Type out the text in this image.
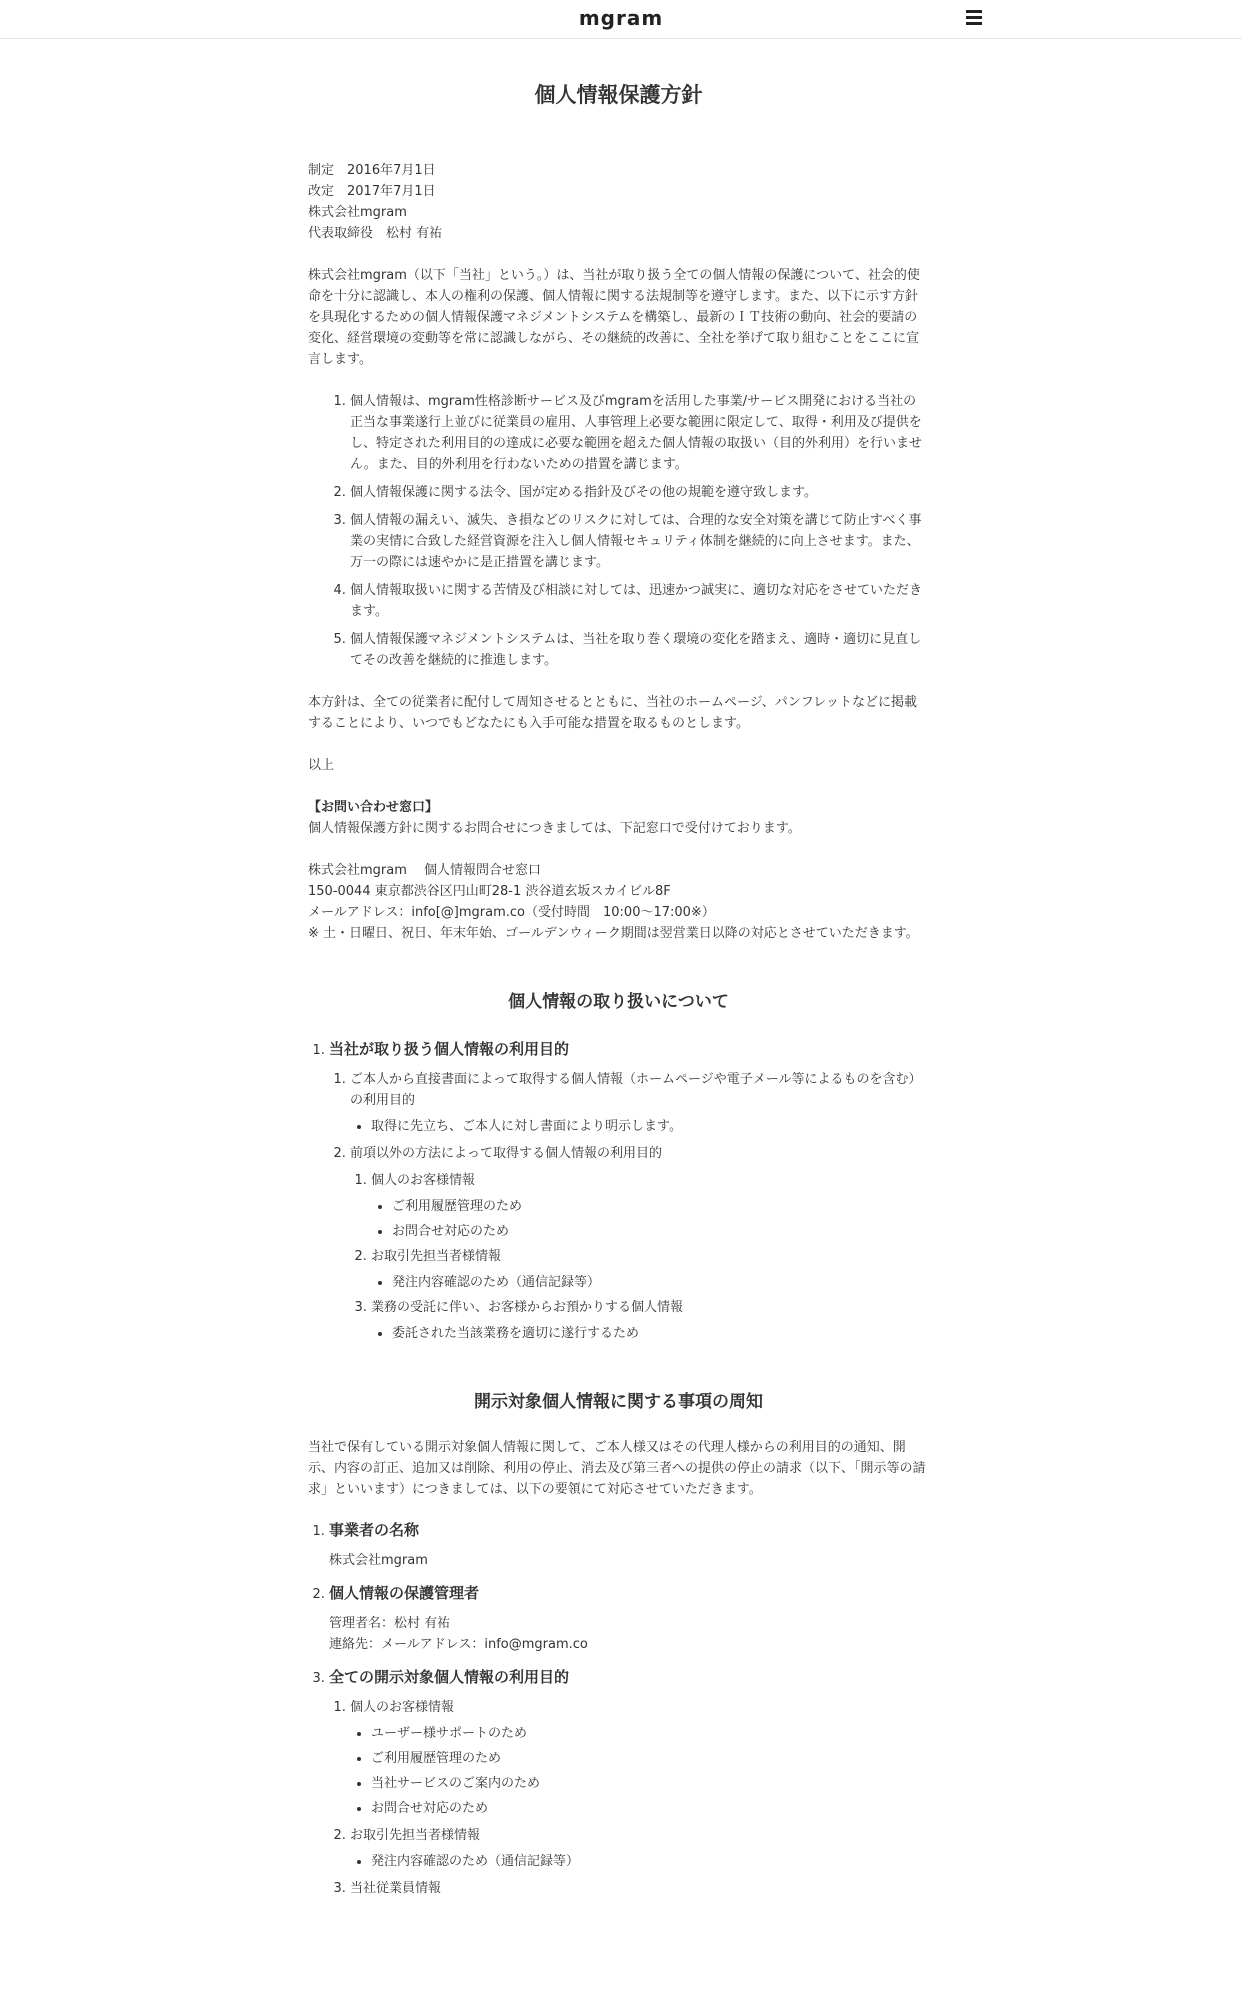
mgram
個人情報保護方針

制定　2016年7月1日

改定　2017年7月1日

株式会社mgram

代表取締役　松村 有祐

株式会社mgram（以下「当社」という。）は、当社が取り扱う全ての個人情報の保護について、社会的使命を十分に認識し、本人の権利の保護、個人情報に関する法規制等を遵守します。また、以下に示す方針を具現化するための個人情報保護マネジメントシステムを構築し、最新のＩＴ技術の動向、社会的要請の変化、経営環境の変動等を常に認識しながら、その継続的改善に、全社を挙げて取り組むことをここに宣言します。

1. 個人情報は、mgram性格診断サービス及びmgramを活用した事業/サービス開発における当社の正当な事業遂行上並びに従業員の雇用、人事管理上必要な範囲に限定して、取得・利用及び提供をし、特定された利用目的の達成に必要な範囲を超えた個人情報の取扱い（目的外利用）を行いません。また、目的外利用を行わないための措置を講じます。
2. 個人情報保護に関する法令、国が定める指針及びその他の規範を遵守致します。
3. 個人情報の漏えい、滅失、き損などのリスクに対しては、合理的な安全対策を講じて防止すべく事業の実情に合致した経営資源を注入し個人情報セキュリティ体制を継続的に向上させます。また、万一の際には速やかに是正措置を講じます。
4. 個人情報取扱いに関する苦情及び相談に対しては、迅速かつ誠実に、適切な対応をさせていただきます。
5. 個人情報保護マネジメントシステムは、当社を取り巻く環境の変化を踏まえ、適時・適切に見直してその改善を継続的に推進します。

本方針は、全ての従業者に配付して周知させるとともに、当社のホームページ、パンフレットなどに掲載することにより、いつでもどなたにも入手可能な措置を取るものとします。

以上

【お問い合わせ窓口】

個人情報保護方針に関するお問合せにつきましては、下記窓口で受付けております。

株式会社mgram　 個人情報問合せ窓口

150-0044 東京都渋谷区円山町28-1 渋谷道玄坂スカイビル8F

メールアドレス：info[@]mgram.co（受付時間　10:00～17:00※）

※ 土・日曜日、祝日、年末年始、ゴールデンウィーク期間は翌営業日以降の対応とさせていただきます。

個人情報の取り扱いについて
1. 当社が取り扱う個人情報の利用目的
1. ご本人から直接書面によって取得する個人情報（ホームページや電子メール等によるものを含む）の利用目的
• 取得に先立ち、ご本人に対し書面により明示します。
2. 前項以外の方法によって取得する個人情報の利用目的
1. 個人のお客様情報
• ご利用履歴管理のため
• お問合せ対応のため
2. お取引先担当者様情報
• 発注内容確認のため（通信記録等）
3. 業務の受託に伴い、お客様からお預かりする個人情報
• 委託された当該業務を適切に遂行するため
開示対象個人情報に関する事項の周知

当社で保有している開示対象個人情報に関して、ご本人様又はその代理人様からの利用目的の通知、開示、内容の訂正、追加又は削除、利用の停止、消去及び第三者への提供の停止の請求（以下、「開示等の請求」といいます）につきましては、以下の要領にて対応させていただきます。

1. 事業者の名称

株式会社mgram

2. 個人情報の保護管理者

管理者名：松村 有祐

連絡先：メールアドレス：info@mgram.co

3. 全ての開示対象個人情報の利用目的
1. 個人のお客様情報
• ユーザー様サポートのため
• ご利用履歴管理のため
• 当社サービスのご案内のため
• お問合せ対応のため
2. お取引先担当者様情報
• 発注内容確認のため（通信記録等）
3. 当社従業員情報
